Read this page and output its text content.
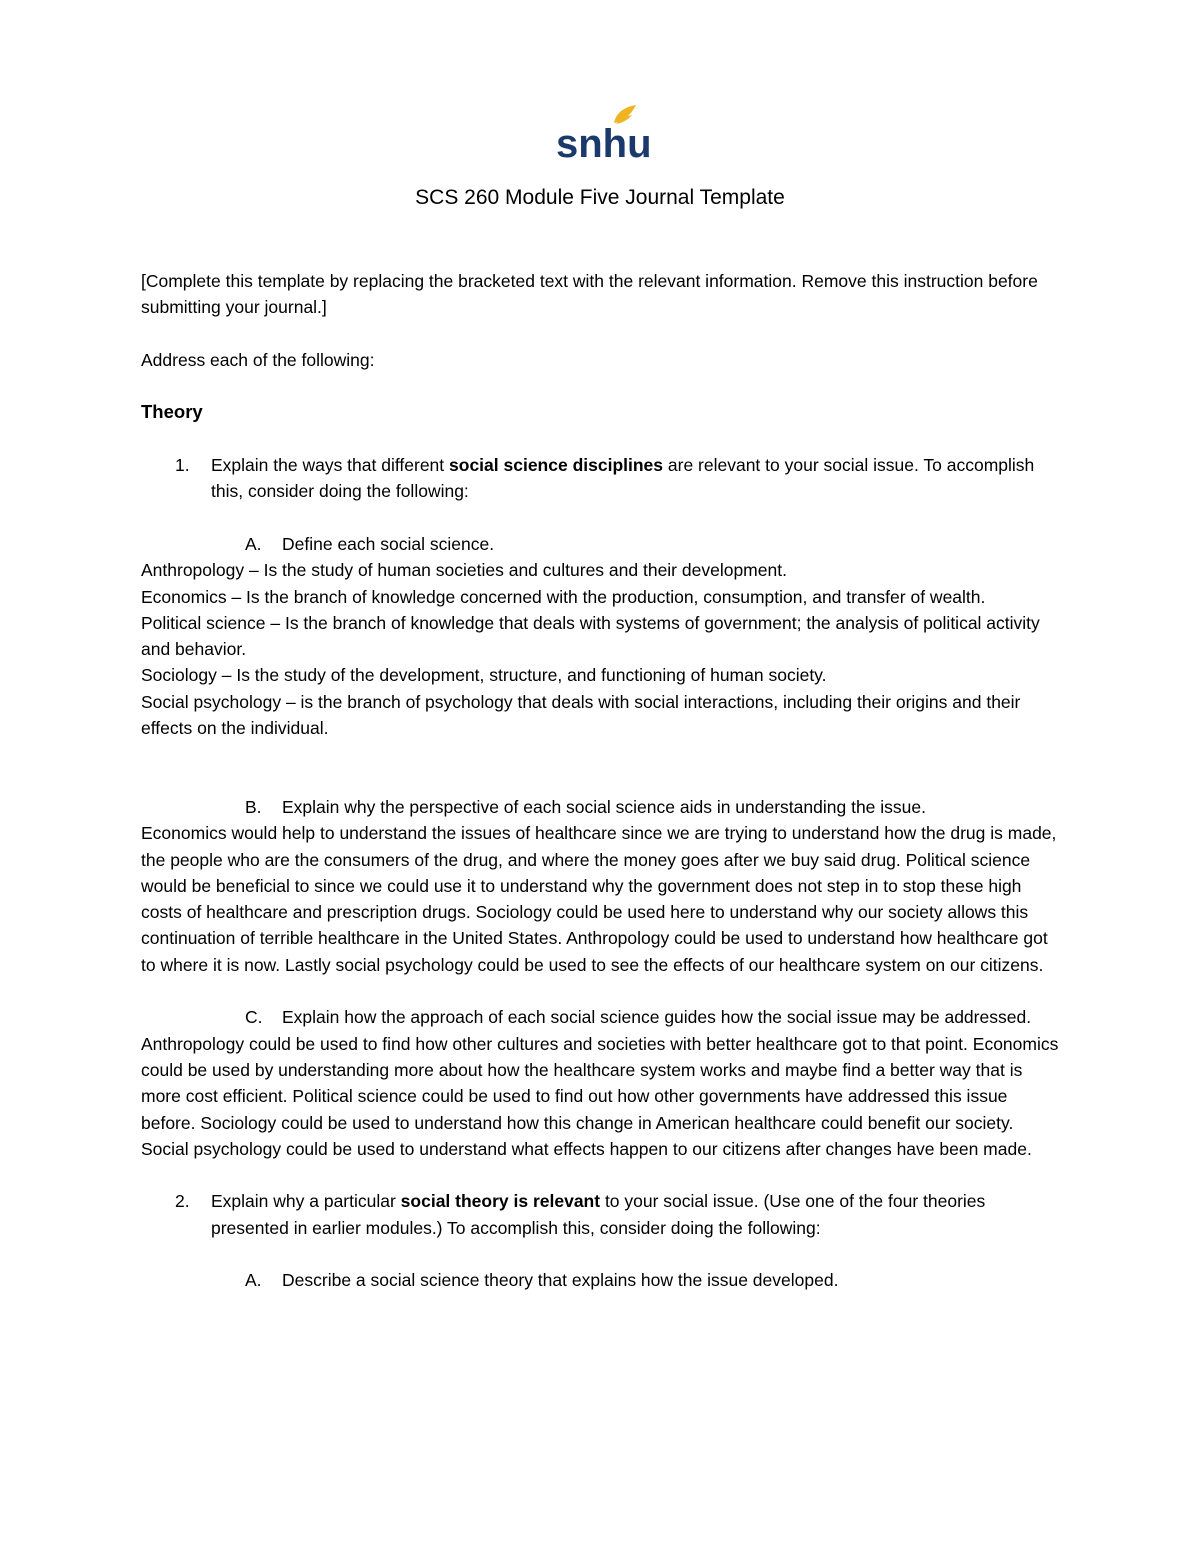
snhu
SCS 260 Module Five Journal Template

[Complete this template by replacing the bracketed text with the relevant information. Remove this instruction before submitting your journal.]

Address each of the following:

Theory

1. Explain the ways that different social science disciplines are relevant to your social issue. To accomplish this, consider doing the following:
A. Define each social science.

Anthropology – Is the study of human societies and cultures and their development.

Economics – Is the branch of knowledge concerned with the production, consumption, and transfer of wealth.

Political science – Is the branch of knowledge that deals with systems of government; the analysis of political activity and behavior.

Sociology – Is the study of the development, structure, and functioning of human society.

Social psychology – is the branch of psychology that deals with social interactions, including their origins and their effects on the individual.

B. Explain why the perspective of each social science aids in understanding the issue.

Economics would help to understand the issues of healthcare since we are trying to understand how the drug is made, the people who are the consumers of the drug, and where the money goes after we buy said drug. Political science would be beneficial to since we could use it to understand why the government does not step in to stop these high costs of healthcare and prescription drugs. Sociology could be used here to understand why our society allows this continuation of terrible healthcare in the United States. Anthropology could be used to understand how healthcare got to where it is now. Lastly social psychology could be used to see the effects of our healthcare system on our citizens.

C. Explain how the approach of each social science guides how the social issue may be addressed.

Anthropology could be used to find how other cultures and societies with better healthcare got to that point. Economics could be used by understanding more about how the healthcare system works and maybe find a better way that is more cost efficient. Political science could be used to find out how other governments have addressed this issue before. Sociology could be used to understand how this change in American healthcare could benefit our society. Social psychology could be used to understand what effects happen to our citizens after changes have been made.

2. Explain why a particular social theory is relevant to your social issue. (Use one of the four theories presented in earlier modules.) To accomplish this, consider doing the following:
A. Describe a social science theory that explains how the issue developed.
